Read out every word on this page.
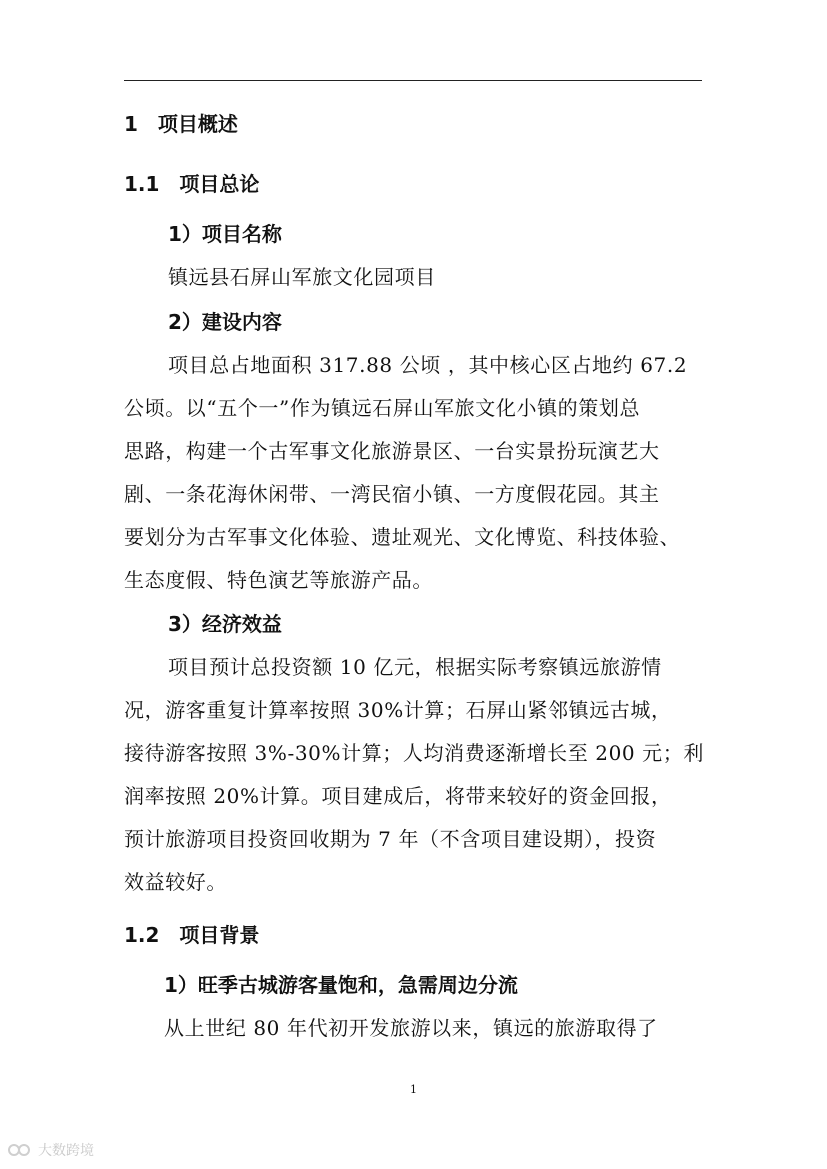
1　项目概述
1.1　项目总论
1）项目名称

镇远县石屏山军旅文化园项目

2）建设内容

项目总占地面积 317.88 公顷 ，其中核心区占地约 67.2

公顷。以“五个一”作为镇远石屏山军旅文化小镇的策划总

思路，构建一个古军事文化旅游景区、一台实景扮玩演艺大

剧、一条花海休闲带、一湾民宿小镇、一方度假花园。其主

要划分为古军事文化体验、遗址观光、文化博览、科技体验、

生态度假、特色演艺等旅游产品。

3）经济效益

项目预计总投资额 10 亿元，根据实际考察镇远旅游情

况，游客重复计算率按照 30%计算；石屏山紧邻镇远古城，

接待游客按照 3%-30%计算；人均消费逐渐增长至 200 元；利

润率按照 20%计算。项目建成后，将带来较好的资金回报，

预计旅游项目投资回收期为 7 年（不含项目建设期），投资

效益较好。

1.2　项目背景
1）旺季古城游客量饱和，急需周边分流

从上世纪 80 年代初开发旅游以来，镇远的旅游取得了

1
大数跨境
